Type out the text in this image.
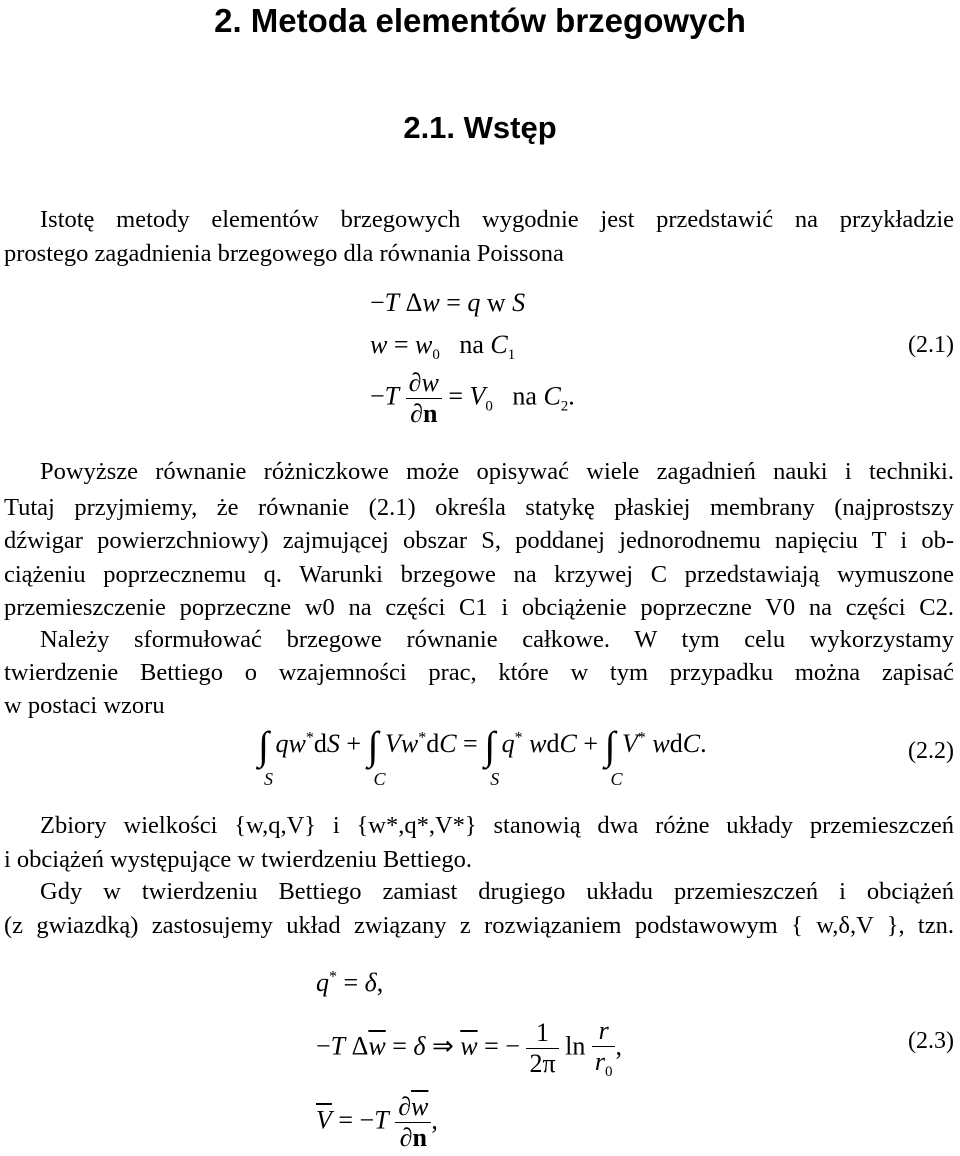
2. Metoda elementów brzegowych
2.1. Wstęp
Istotę metody elementów brzegowych wygodnie jest przedstawić na przykładzie
prostego zagadnienia brzegowego dla równania Poissona
−T Δw = q w S
$w = w_0$   na $C_1$	(2.1)
$-T \frac{\partial w}{\partial n} = V_0$   na $C_2$.
Powyższe równanie różniczkowe może opisywać wiele zagadnień nauki i techniki.
Tutaj przyjmiemy, że równanie (2.1) określa statykę płaskiej membrany (najprostszy
dźwigar powierzchniowy) zajmującej obszar S, poddanej jednorodnemu napięciu T i ob-
ciążeniu poprzecznemu q. Warunki brzegowe na krzywej C przedstawiają wymuszone
przemieszczenie poprzeczne w0 na części C1 i obciążenie poprzeczne V0 na części C2.
Należy sformułować brzegowe równanie całkowe. W tym celu wykorzystamy
twierdzenie Bettiego o wzajemności prac, które w tym przypadku można zapisać
w postaci wzoru
∫
S
qw*dS + ∫
C
Vw*dC = ∫
S
q* wdC + ∫
C
V* wdC.	(2.2)
Zbiory wielkości {w,q,V} i {w*,q*,V*} stanowią dwa różne układy przemieszczeń
i obciążeń występujące w twierdzeniu Bettiego.
Gdy w twierdzeniu Bettiego zamiast drugiego układu przemieszczeń i obciążeń
(z gwiazdką) zastosujemy układ związany z rozwiązaniem podstawowym { w,δ,V }, tzn.
q* = δ,
−T $\Delta\overline{w} = \delta$ ⇒ $\overline{w}$ = − $\frac{1}{2\pi}$ $\ln \frac{r}{r_0}$ ,	(2.3)
$\overline{V} = -T \frac{\partial\overline{w}}{\partial n}$ ,
